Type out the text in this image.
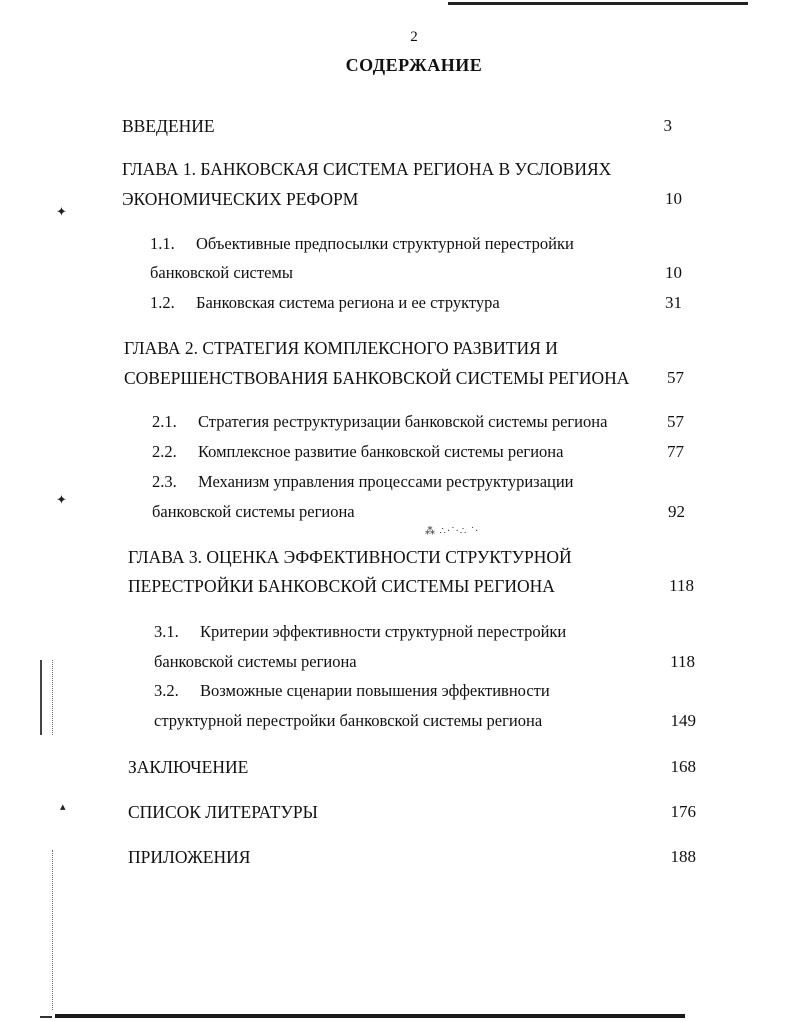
✦
✦
▴
⁂ ∴·˙·∴ ˙·
2
СОДЕРЖАНИЕ
ВВЕДЕНИЕ	3
ГЛАВА 1. БАНКОВСКАЯ СИСТЕМА РЕГИОНА В УСЛОВИЯХ
ЭКОНОМИЧЕСКИХ РЕФОРМ	10
1.1. Объективные предпосылки структурной перестройки
банковской системы	10
1.2. Банковская система региона и ее структура	31
ГЛАВА 2. СТРАТЕГИЯ КОМПЛЕКСНОГО РАЗВИТИЯ И
СОВЕРШЕНСТВОВАНИЯ БАНКОВСКОЙ СИСТЕМЫ РЕГИОНА	57
2.1. Стратегия реструктуризации банковской системы региона	57
2.2. Комплексное развитие банковской системы региона	77
2.3. Механизм управления процессами реструктуризации
банковской системы региона	92
ГЛАВА 3. ОЦЕНКА ЭФФЕКТИВНОСТИ СТРУКТУРНОЙ
ПЕРЕСТРОЙКИ БАНКОВСКОЙ СИСТЕМЫ РЕГИОНА	118
3.1. Критерии эффективности структурной перестройки
банковской системы региона	118
3.2. Возможные сценарии повышения эффективности
структурной перестройки банковской системы региона	149
ЗАКЛЮЧЕНИЕ	168
СПИСОК ЛИТЕРАТУРЫ	176
ПРИЛОЖЕНИЯ	188
